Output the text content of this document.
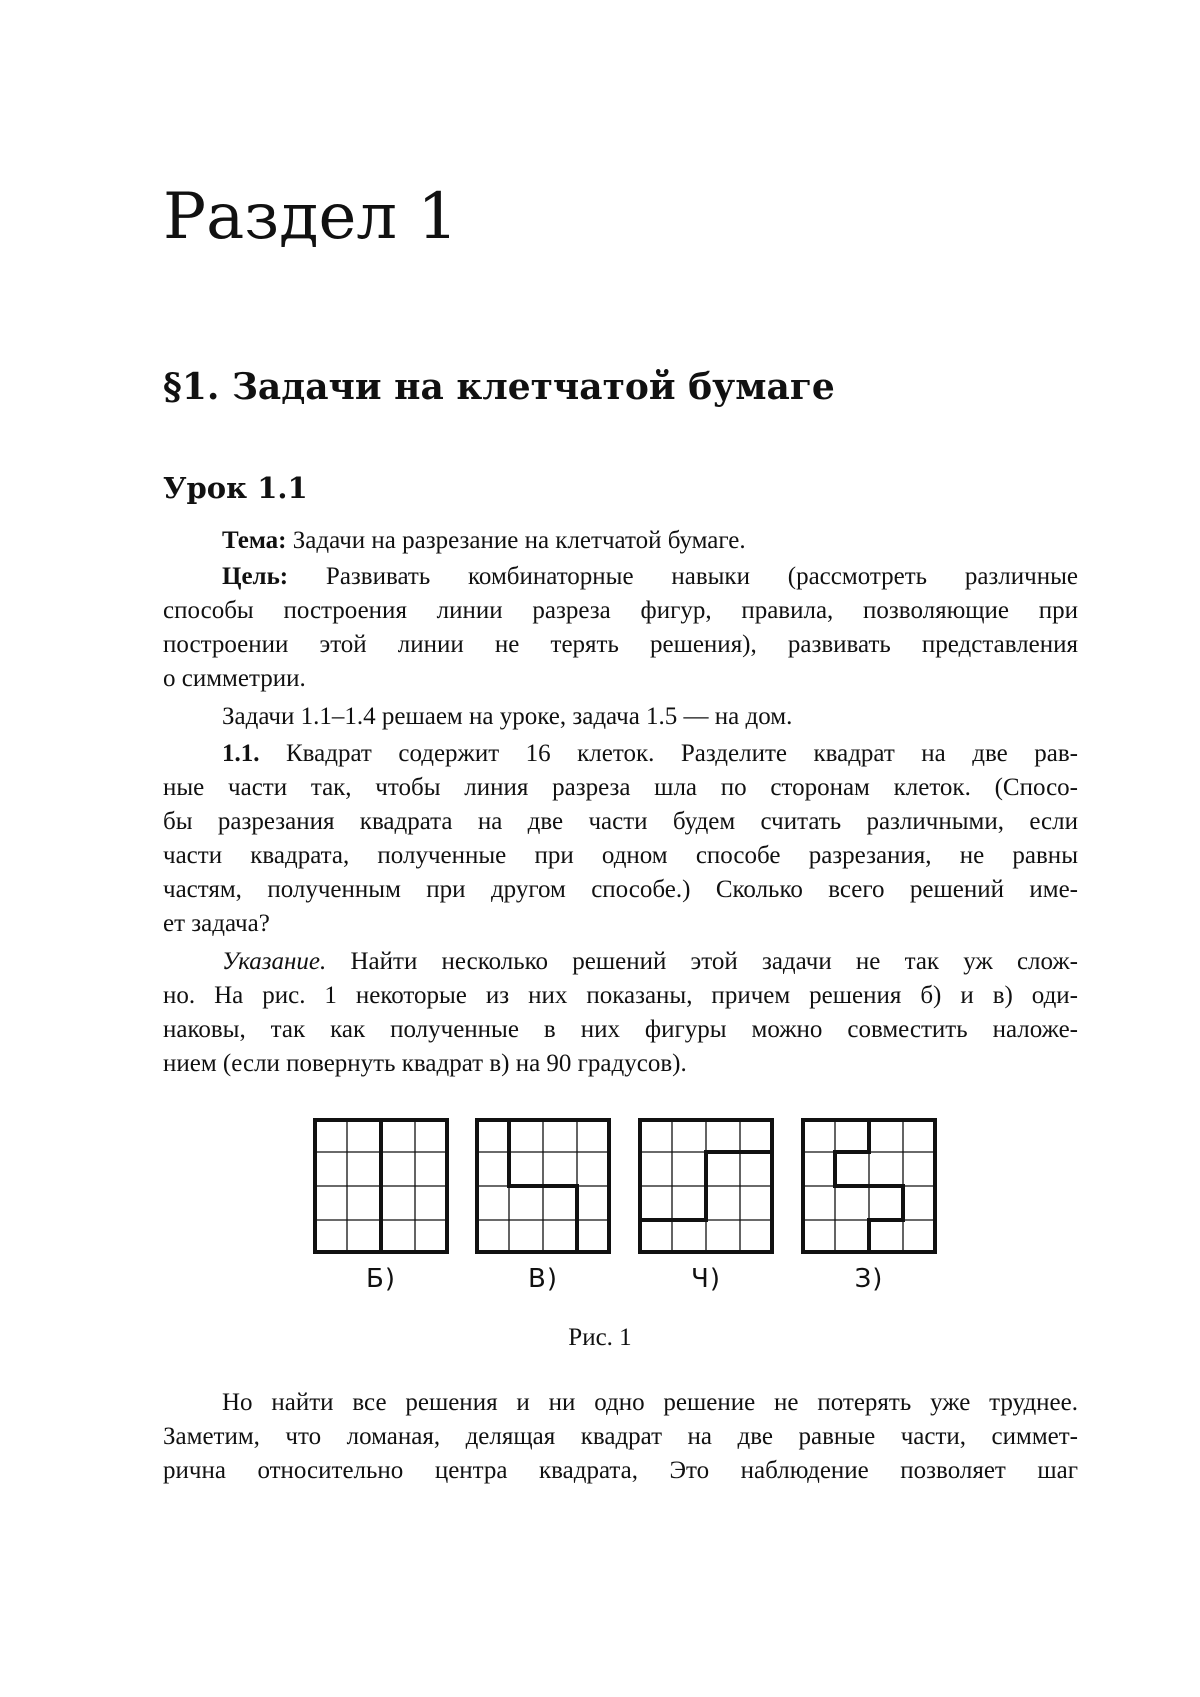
Раздел 1
§1. Задачи на клетчатой бумаге
Урок 1.1
Тема: Задачи на разрезание на клетчатой бумаге.
Цель: Развивать комбинаторные навыки (рассмотреть различные
способы построения линии разреза фигур, правила, позволяющие при
построении этой линии не терять решения), развивать представления
о симметрии.
Задачи 1.1–1.4 решаем на уроке, задача 1.5 — на дом.
1.1. Квадрат содержит 16 клеток. Разделите квадрат на две рав-
ные части так, чтобы линия разреза шла по сторонам клеток. (Спосо-
бы разрезания квадрата на две части будем считать различными, если
части квадрата, полученные при одном способе разрезания, не равны
частям, полученным при другом способе.) Сколько всего решений име-
ет задача?
Указание. Найти несколько решений этой задачи не так уж слож-
но. На рис. 1 некоторые из них показаны, причем решения б) и в) оди-
наковы, так как полученные в них фигуры можно совместить наложе-
нием (если повернуть квадрат в) на 90 градусов).
Б)	В)	Ч)	З)
Рис. 1
Но найти все решения и ни одно решение не потерять уже труднее.
Заметим, что ломаная, делящая квадрат на две равные части, симмет-
рична относительно центра квадрата, Это наблюдение позволяет шаг
